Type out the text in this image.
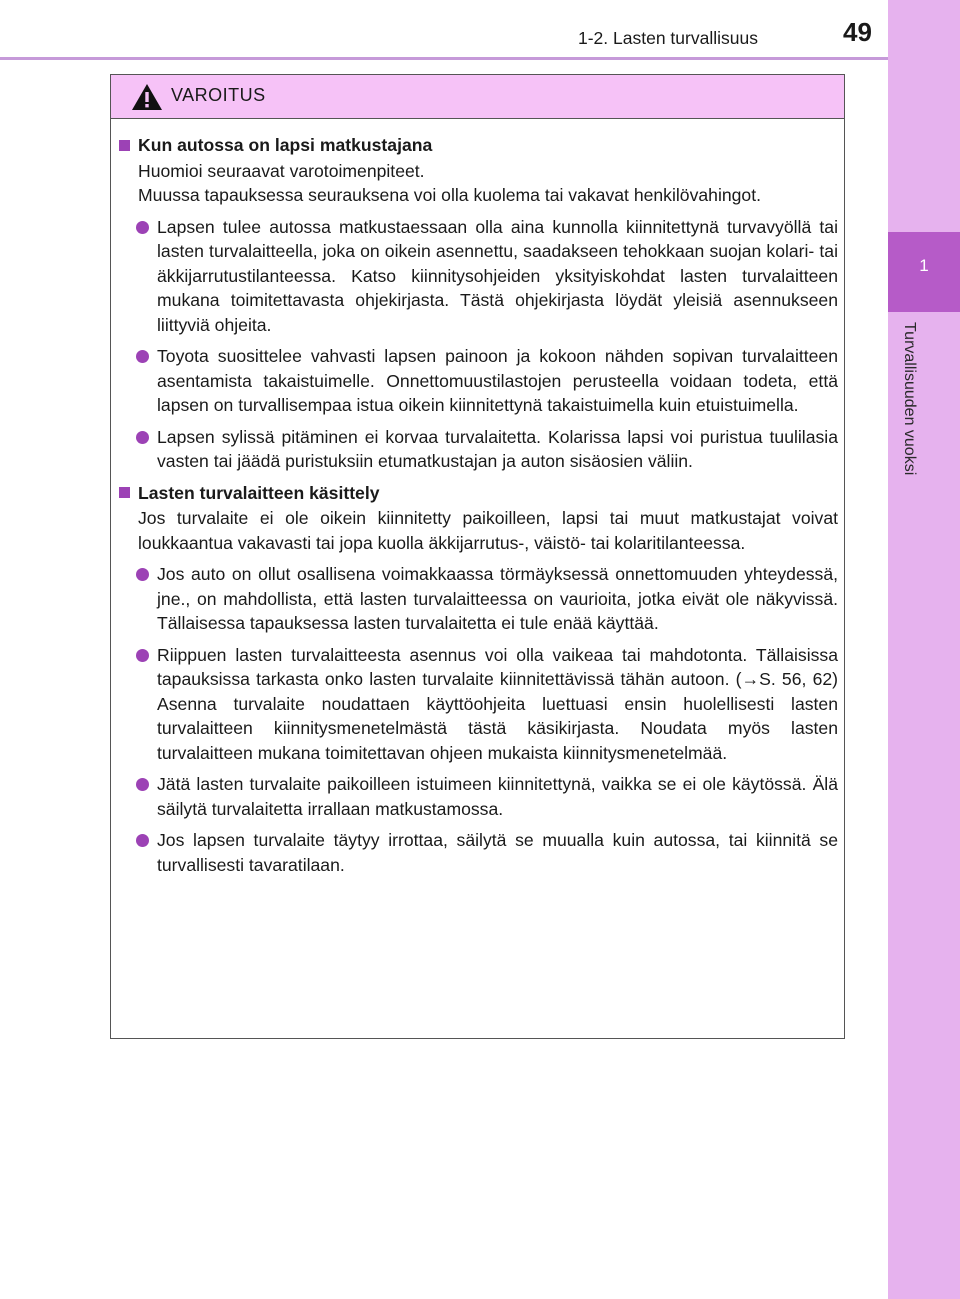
1-2. Lasten turvallisuus	49
1
Turvallisuuden vuoksi
VAROITUS
Kun autossa on lapsi matkustajana
Huomioi seuraavat varotoimenpiteet.
Muussa tapauksessa seurauksena voi olla kuolema tai vakavat henkilövahingot.
Lapsen tulee autossa matkustaessaan olla aina kunnolla kiinnitettynä turvavyöllä tai lasten turvalaitteella, joka on oikein asennettu, saadakseen tehokkaan suojan kolari- tai äkkijarrutustilanteessa. Katso kiinnitysohjeiden yksityiskohdat lasten turvalaitteen mukana toimitettavasta ohjekirjasta. Tästä ohjekirjasta löydät yleisiä asennukseen liittyviä ohjeita.
Toyota suosittelee vahvasti lapsen painoon ja kokoon nähden sopivan turvalaitteen asentamista takaistuimelle. Onnettomuustilastojen perusteella voidaan todeta, että lapsen on turvallisempaa istua oikein kiinnitettynä takaistuimella kuin etuistuimella.
Lapsen sylissä pitäminen ei korvaa turvalaitetta. Kolarissa lapsi voi puristua tuulilasia vasten tai jäädä puristuksiin etumatkustajan ja auton sisäosien väliin.
Lasten turvalaitteen käsittely
Jos turvalaite ei ole oikein kiinnitetty paikoilleen, lapsi tai muut matkustajat voivat loukkaantua vakavasti tai jopa kuolla äkkijarrutus-, väistö- tai kolaritilanteessa.
Jos auto on ollut osallisena voimakkaassa törmäyksessä onnettomuuden yhteydessä, jne., on mahdollista, että lasten turvalaitteessa on vaurioita, jotka eivät ole näkyvissä. Tällaisessa tapauksessa lasten turvalaitetta ei tule enää käyttää.
Riippuen lasten turvalaitteesta asennus voi olla vaikeaa tai mahdotonta. Tällaisissa tapauksissa tarkasta onko lasten turvalaite kiinnitettävissä tähän autoon. (→S. 56, 62) Asenna turvalaite noudattaen käyttöohjeita luettuasi ensin huolellisesti lasten turvalaitteen kiinnitysmenetelmästä tästä käsikirjasta. Noudata myös lasten turvalaitteen mukana toimitettavan ohjeen mukaista kiinnitysmenetelmää.
Jätä lasten turvalaite paikoilleen istuimeen kiinnitettynä, vaikka se ei ole käytössä. Älä säilytä turvalaitetta irrallaan matkustamossa.
Jos lapsen turvalaite täytyy irrottaa, säilytä se muualla kuin autossa, tai kiinnitä se turvallisesti tavaratilaan.
